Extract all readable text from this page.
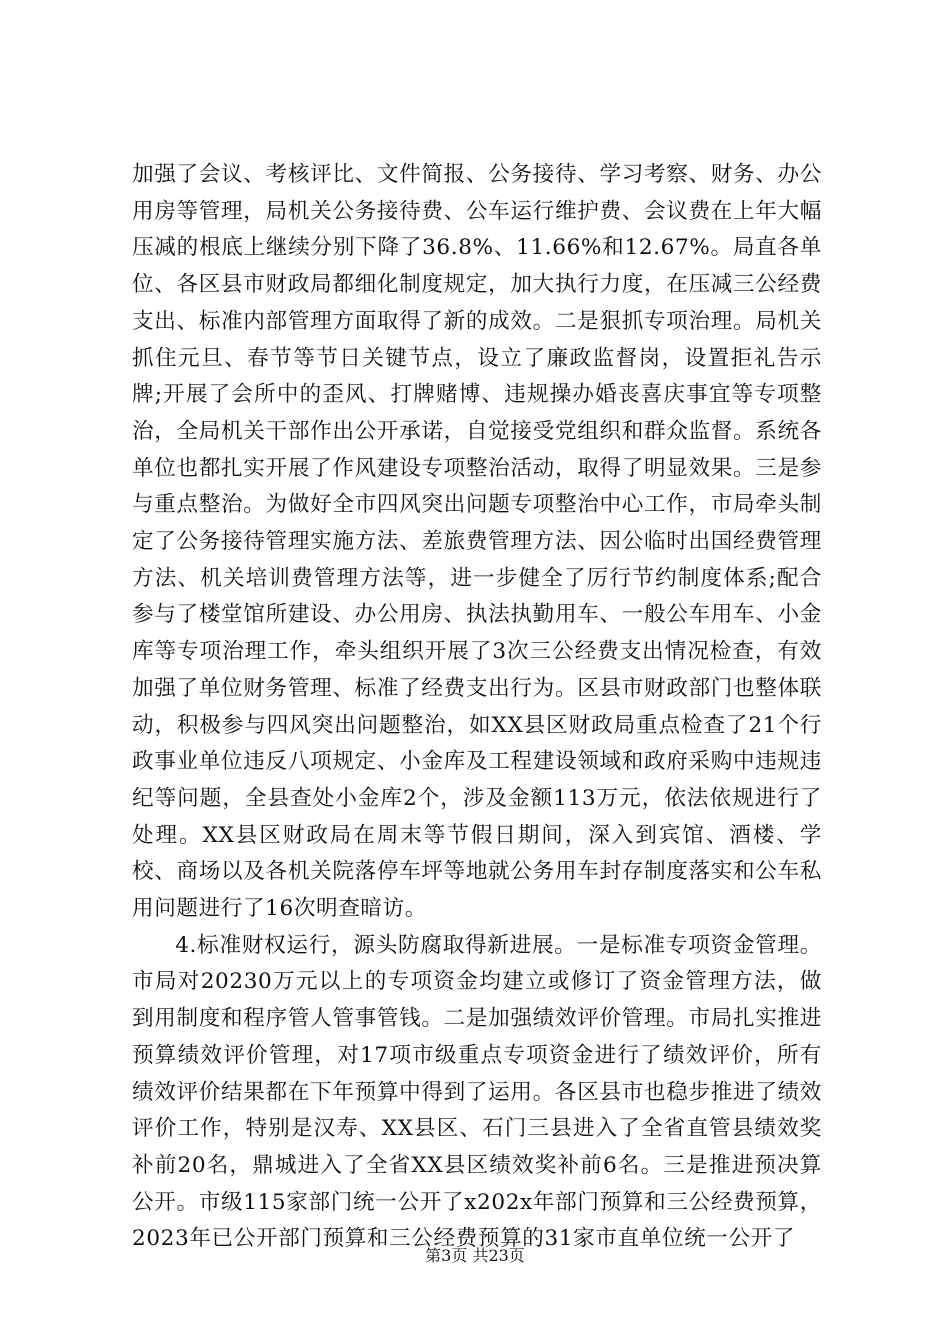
加强了会议、考核评比、文件简报、公务接待、学习考察、财务、办公用房等管理，局机关公务接待费、公车运行维护费、会议费在上年大幅压减的根底上继续分别下降了36.8%、11.66%和12.67%。局直各单位、各区县市财政局都细化制度规定，加大执行力度，在压减三公经费支出、标准内部管理方面取得了新的成效。二是狠抓专项治理。局机关抓住元旦、春节等节日关键节点，设立了廉政监督岗，设置拒礼告示牌;开展了会所中的歪风、打牌赌博、违规操办婚丧喜庆事宜等专项整治，全局机关干部作出公开承诺，自觉接受党组织和群众监督。系统各单位也都扎实开展了作风建设专项整治活动，取得了明显效果。三是参与重点整治。为做好全市四风突出问题专项整治中心工作，市局牵头制定了公务接待管理实施方法、差旅费管理方法、因公临时出国经费管理方法、机关培训费管理方法等，进一步健全了厉行节约制度体系;配合参与了楼堂馆所建设、办公用房、执法执勤用车、一般公车用车、小金库等专项治理工作，牵头组织开展了3次三公经费支出情况检查，有效加强了单位财务管理、标准了经费支出行为。区县市财政部门也整体联动，积极参与四风突出问题整治，如XX县区财政局重点检查了21个行政事业单位违反八项规定、小金库及工程建设领域和政府采购中违规违纪等问题，全县查处小金库2个，涉及金额113万元，依法依规进行了处理。XX县区财政局在周末等节假日期间，深入到宾馆、酒楼、学校、商场以及各机关院落停车坪等地就公务用车封存制度落实和公车私用问题进行了16次明查暗访。

4.标准财权运行，源头防腐取得新进展。一是标准专项资金管理。市局对20230万元以上的专项资金均建立或修订了资金管理方法，做到用制度和程序管人管事管钱。二是加强绩效评价管理。市局扎实推进预算绩效评价管理，对17项市级重点专项资金进行了绩效评价，所有绩效评价结果都在下年预算中得到了运用。各区县市也稳步推进了绩效评价工作，特别是汉寿、XX县区、石门三县进入了全省直管县绩效奖补前20名，鼎城进入了全省XX县区绩效奖补前6名。三是推进预决算公开。市级115家部门统一公开了x202x年部门预算和三公经费预算，2023年已公开部门预算和三公经费预算的31家市直单位统一公开了

第3页 共23页
